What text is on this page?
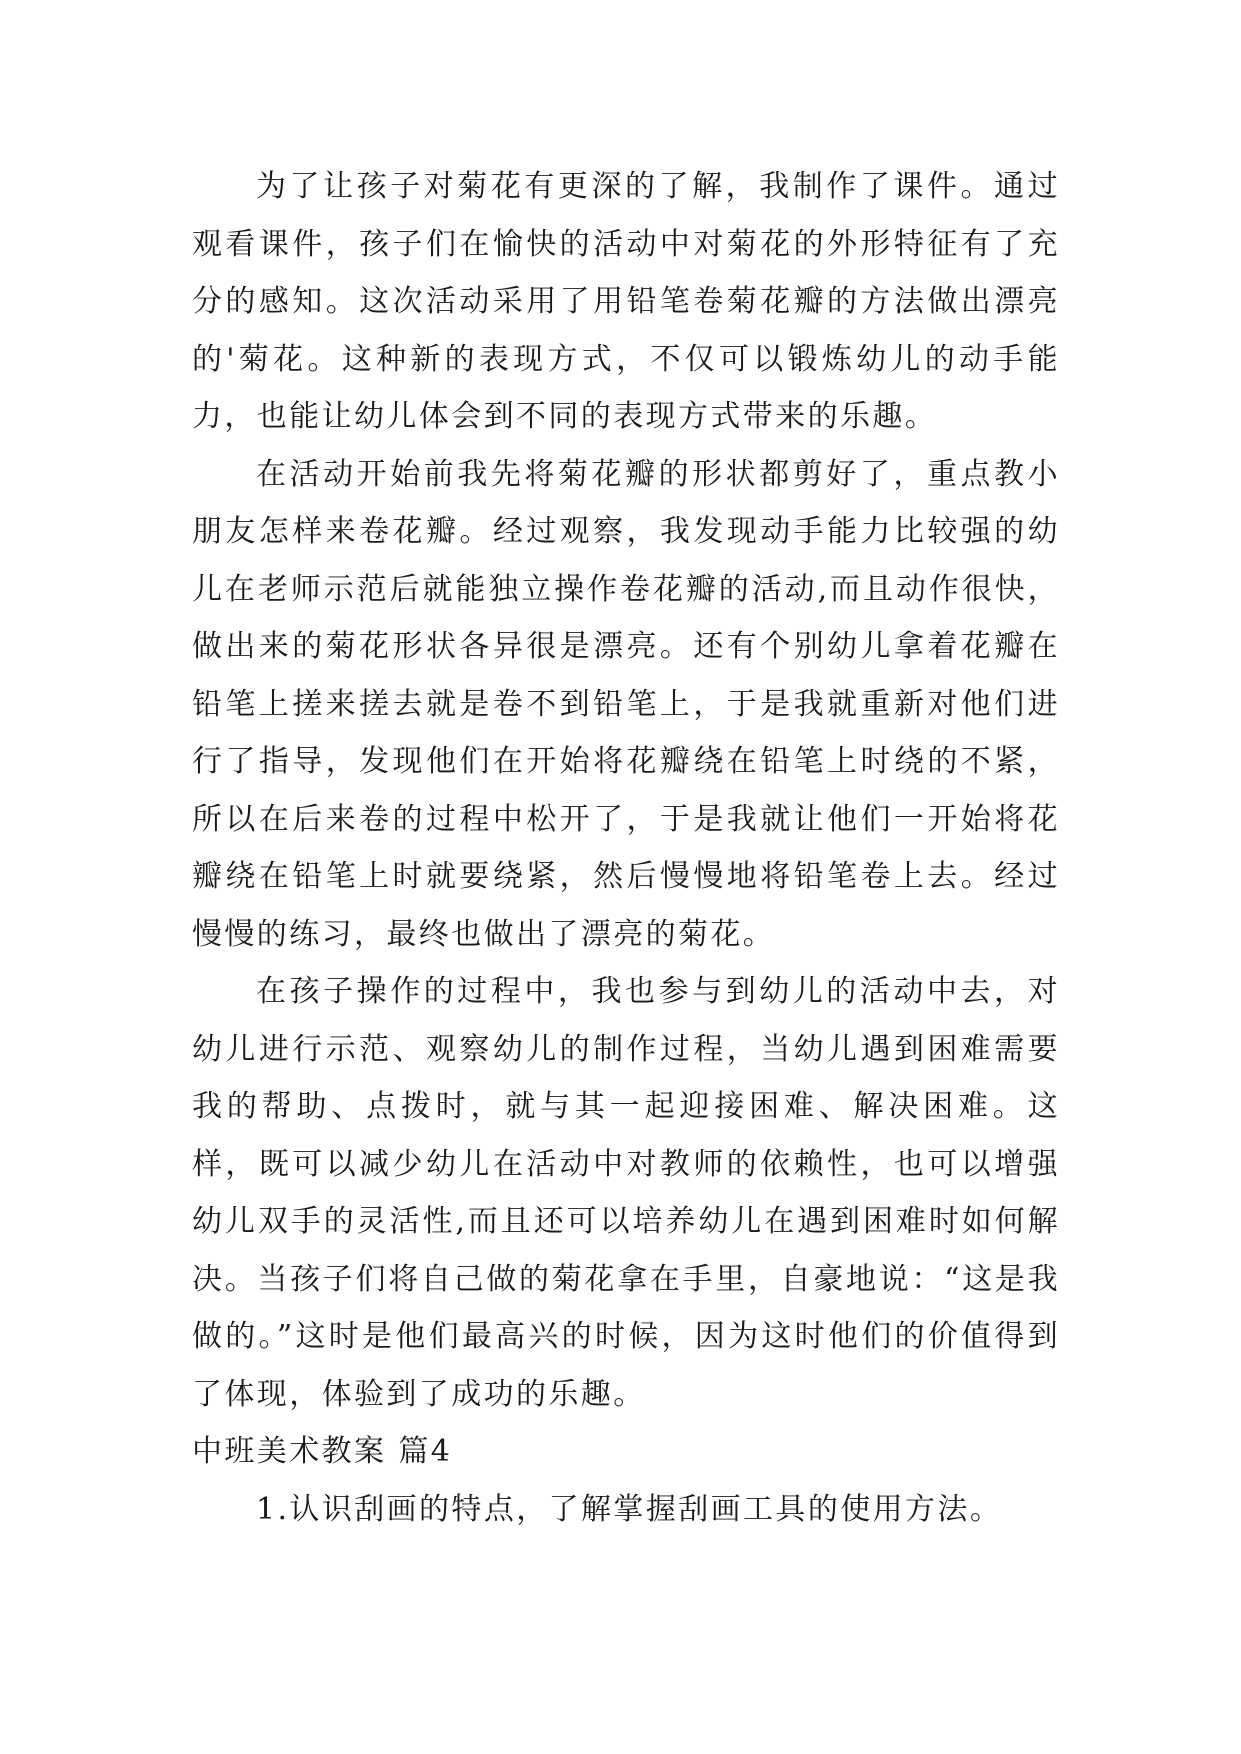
为了让孩子对菊花有更深的了解，我制作了课件。通过观看课件，孩子们在愉快的活动中对菊花的外形特征有了充分的感知。这次活动采用了用铅笔卷菊花瓣的方法做出漂亮的'菊花。这种新的表现方式，不仅可以锻炼幼儿的动手能力，也能让幼儿体会到不同的表现方式带来的乐趣。

在活动开始前我先将菊花瓣的形状都剪好了，重点教小朋友怎样来卷花瓣。经过观察，我发现动手能力比较强的幼儿在老师示范后就能独立操作卷花瓣的活动,而且动作很快，做出来的菊花形状各异很是漂亮。还有个别幼儿拿着花瓣在铅笔上搓来搓去就是卷不到铅笔上，于是我就重新对他们进行了指导，发现他们在开始将花瓣绕在铅笔上时绕的不紧，所以在后来卷的过程中松开了，于是我就让他们一开始将花瓣绕在铅笔上时就要绕紧，然后慢慢地将铅笔卷上去。经过慢慢的练习，最终也做出了漂亮的菊花。

在孩子操作的过程中，我也参与到幼儿的活动中去，对幼儿进行示范、观察幼儿的制作过程，当幼儿遇到困难需要我的帮助、点拨时，就与其一起迎接困难、解决困难。这样，既可以减少幼儿在活动中对教师的依赖性，也可以增强幼儿双手的灵活性,而且还可以培养幼儿在遇到困难时如何解决。当孩子们将自己做的菊花拿在手里，自豪地说：“这是我做的。”这时是他们最高兴的时候，因为这时他们的价值得到了体现，体验到了成功的乐趣。

中班美术教案 篇4

1.认识刮画的特点，了解掌握刮画工具的使用方法。
